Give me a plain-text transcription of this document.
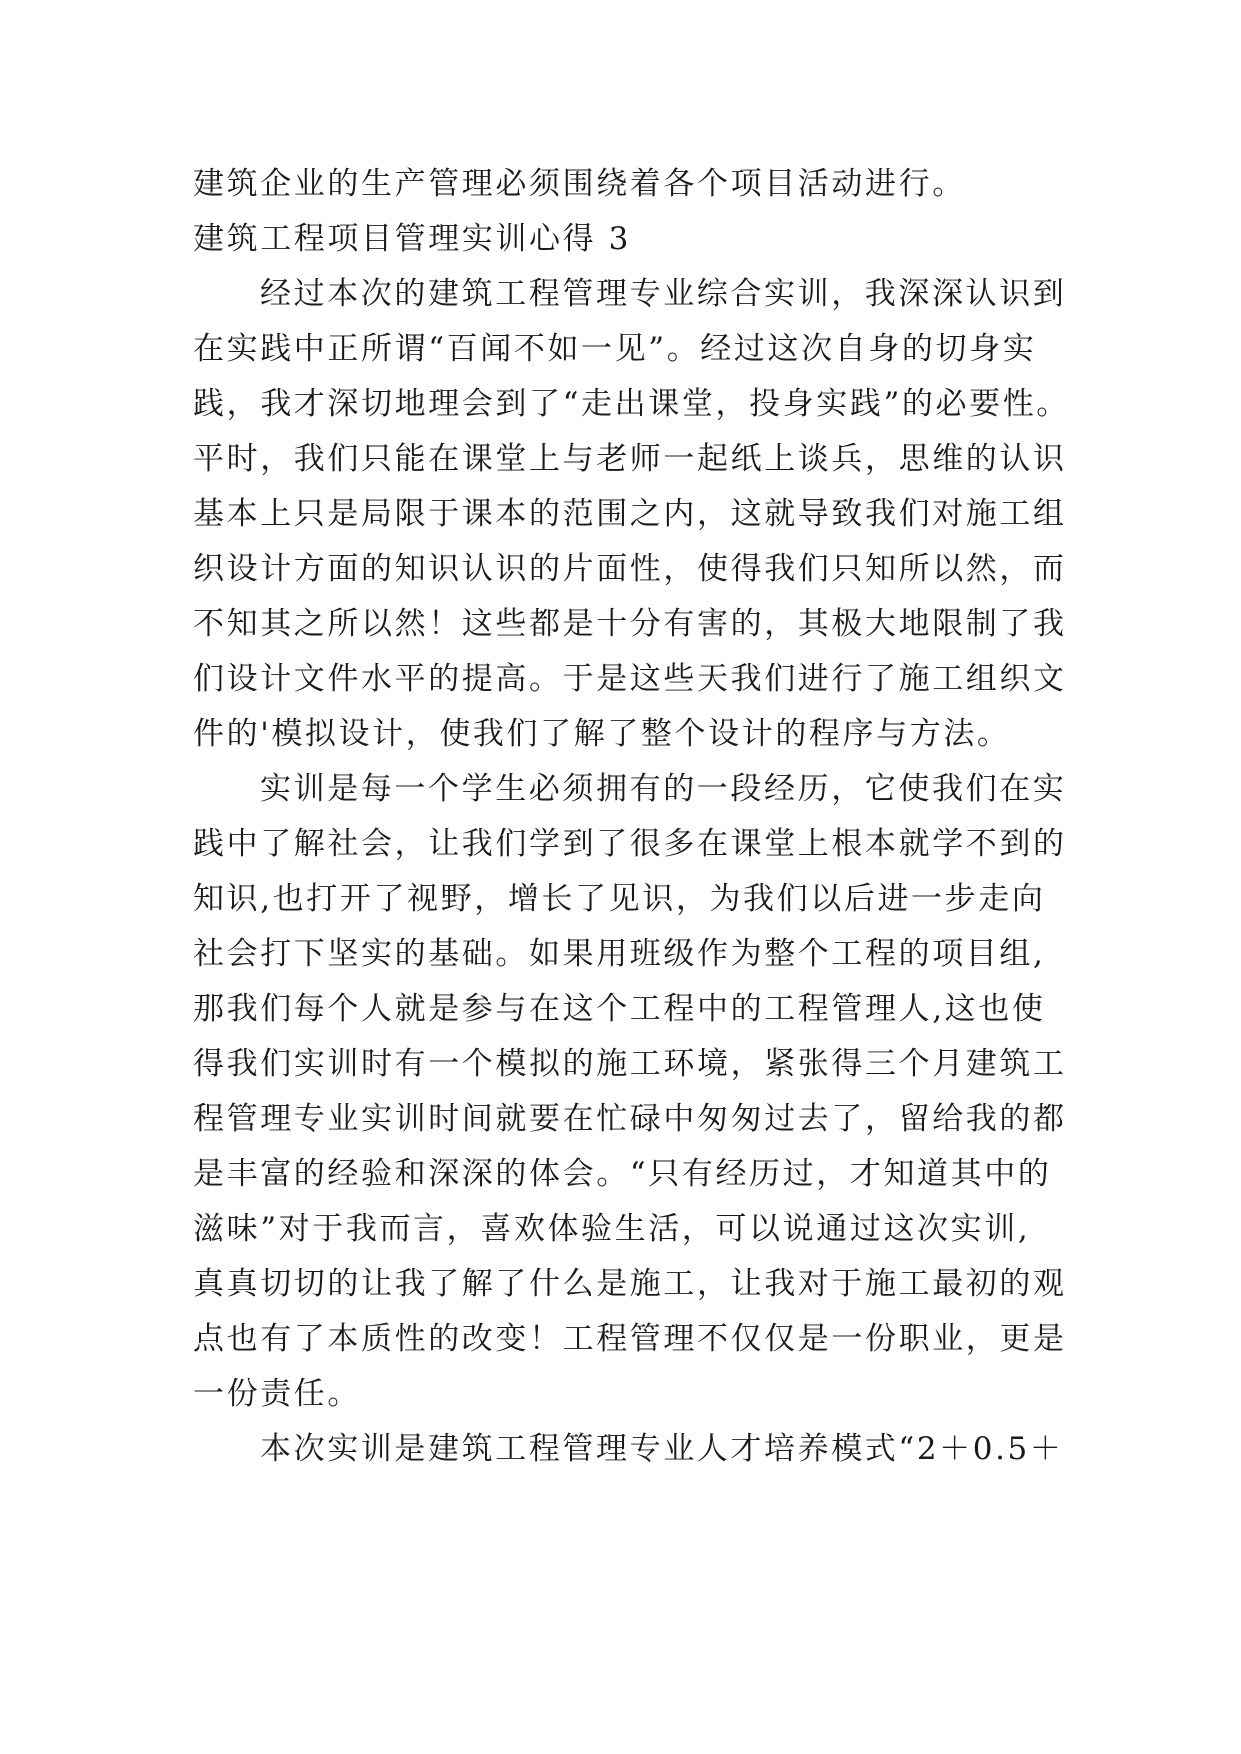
建筑企业的生产管理必须围绕着各个项目活动进行。
建筑工程项目管理实训心得 3
经过本次的建筑工程管理专业综合实训，我深深认识到
在实践中正所谓“百闻不如一见”。经过这次自身的切身实
践，我才深切地理会到了“走出课堂，投身实践”的必要性。
平时，我们只能在课堂上与老师一起纸上谈兵，思维的认识
基本上只是局限于课本的范围之内，这就导致我们对施工组
织设计方面的知识认识的片面性，使得我们只知所以然，而
不知其之所以然！这些都是十分有害的，其极大地限制了我
们设计文件水平的提高。于是这些天我们进行了施工组织文
件的'模拟设计，使我们了解了整个设计的程序与方法。
实训是每一个学生必须拥有的一段经历，它使我们在实
践中了解社会，让我们学到了很多在课堂上根本就学不到的
知识,也打开了视野，增长了见识，为我们以后进一步走向
社会打下坚实的基础。如果用班级作为整个工程的项目组,
那我们每个人就是参与在这个工程中的工程管理人,这也使
得我们实训时有一个模拟的施工环境，紧张得三个月建筑工
程管理专业实训时间就要在忙碌中匆匆过去了，留给我的都
是丰富的经验和深深的体会。“只有经历过，才知道其中的
滋味”对于我而言，喜欢体验生活，可以说通过这次实训,
真真切切的让我了解了什么是施工，让我对于施工最初的观
点也有了本质性的改变！工程管理不仅仅是一份职业，更是
一份责任。
本次实训是建筑工程管理专业人才培养模式“2＋0.5＋
